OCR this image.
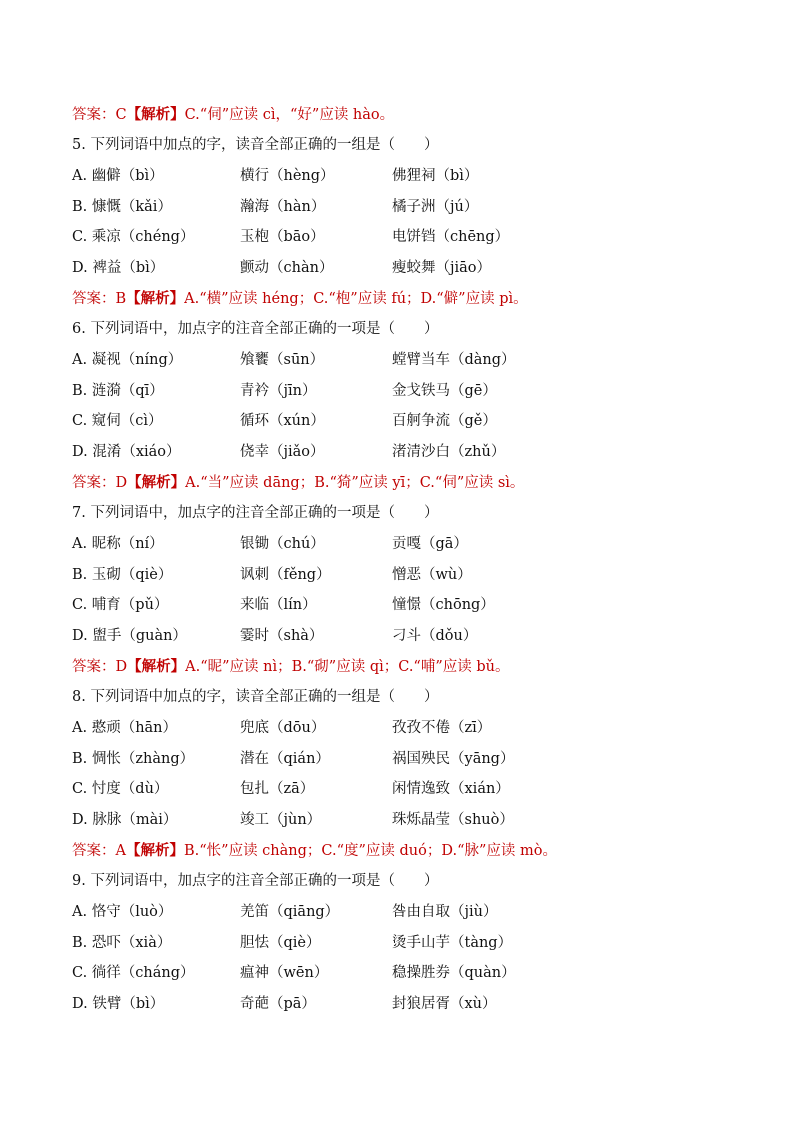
答案：C【解析】C.“伺”应读 cì，“好”应读 hào。
5. 下列词语中加点的字，读音全部正确的一组是（　　）
A. 幽僻（bì）	横行（hèng）	佛狸祠（bì）
B. 慷慨（kǎi）	瀚海（hàn）	橘子洲（jú）
C. 乘凉（chéng）	玉枹（bāo）	电饼铛（chēng）
D. 裨益（bì）	颤动（chàn）	瘦蛟舞（jiāo）
答案：B【解析】A.“横”应读 héng；C.“枹”应读 fú；D.“僻”应读 pì。
6. 下列词语中，加点字的注音全部正确的一项是（　　）
A. 凝视（níng）	飧饔（sūn）	螳臂当车（dàng）
B. 涟漪（qī）	青衿（jīn）	金戈铁马（gē）
C. 窥伺（cì）	循环（xún）	百舸争流（gě）
D. 混淆（xiáo）	侥幸（jiǎo）	渚清沙白（zhǔ）
答案：D【解析】A.“当”应读 dāng；B.“猗”应读 yī；C.“伺”应读 sì。
7. 下列词语中，加点字的注音全部正确的一项是（　　）
A. 昵称（ní）	银锄（chú）	贡嘎（gā）
B. 玉砌（qiè）	讽刺（fěng）	憎恶（wù）
C. 哺育（pǔ）	来临（lín）	憧憬（chōng）
D. 盥手（guàn）	霎时（shà）	刁斗（dǒu）
答案：D【解析】A.“昵”应读 nì；B.“砌”应读 qì；C.“哺”应读 bǔ。
8. 下列词语中加点的字，读音全部正确的一组是（　　）
A. 憨顽（hān）	兜底（dōu）	孜孜不倦（zī）
B. 惆怅（zhàng）	潜在（qián）	祸国殃民（yāng）
C. 忖度（dù）	包扎（zā）	闲情逸致（xián）
D. 脉脉（mài）	竣工（jùn）	珠烁晶莹（shuò）
答案：A【解析】B.“怅”应读 chàng；C.“度”应读 duó；D.“脉”应读 mò。
9. 下列词语中，加点字的注音全部正确的一项是（　　）
A. 恪守（luò）	羌笛（qiāng）	咎由自取（jiù）
B. 恐吓（xià）	胆怯（qiè）	烫手山芋（tàng）
C. 徜徉（cháng）	瘟神（wēn）	稳操胜券（quàn）
D. 铁臂（bì）	奇葩（pā）	封狼居胥（xù）
